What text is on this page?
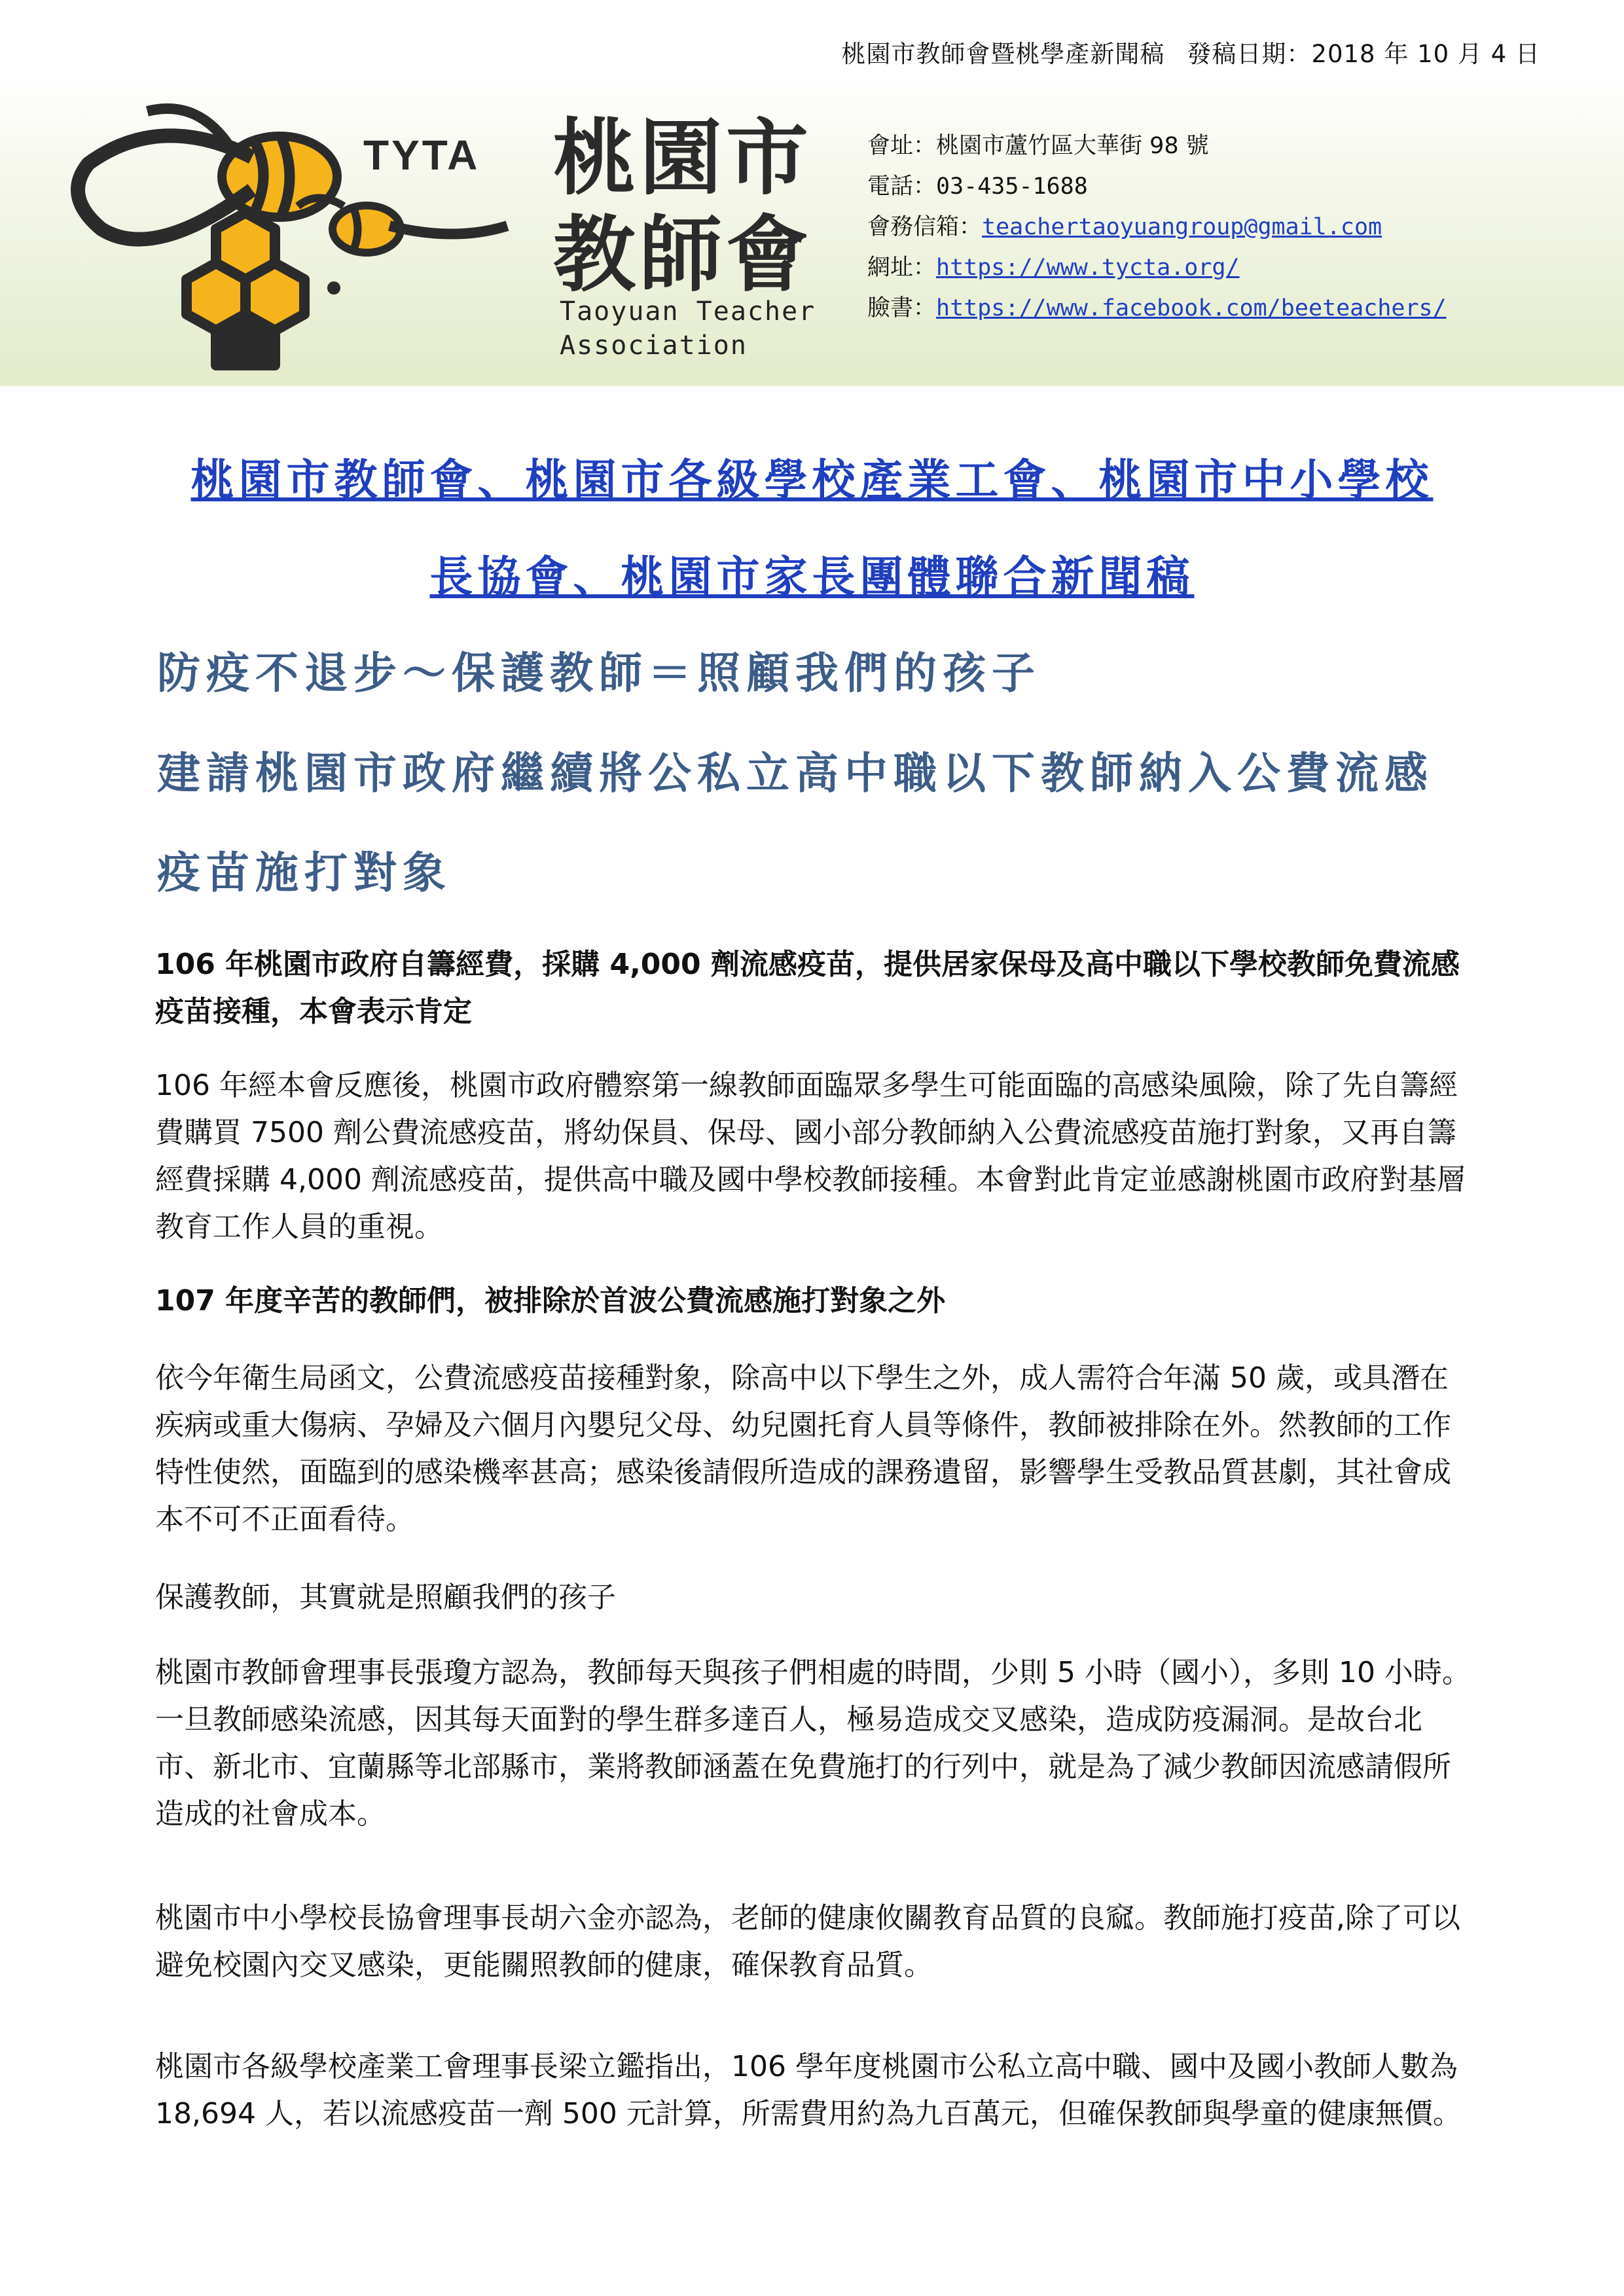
桃園市教師會暨桃學產新聞稿 發稿日期：2018 年 10 月 4 日
TYTA 桃園市
教師會
Taoyuan Teacher
Association
會址：桃園市蘆竹區大華街 98 號
電話：03-435-1688
會務信箱：teachertaoyuangroup@gmail.com
網址：https://www.tycta.org/
臉書：https://www.facebook.com/beeteachers/
桃園市教師會、桃園市各級學校產業工會、桃園市中小學校
長協會、桃園市家長團體聯合新聞稿
防疫不退步～保護教師＝照顧我們的孩子
建請桃園市政府繼續將公私立高中職以下教師納入公費流感
疫苗施打對象

106 年桃園市政府自籌經費，採購 4,000 劑流感疫苗，提供居家保母及高中職以下學校教師免費流感疫苗接種，本會表示肯定

106 年經本會反應後，桃園市政府體察第一線教師面臨眾多學生可能面臨的高感染風險，除了先自籌經費購買 7500 劑公費流感疫苗，將幼保員、保母、國小部分教師納入公費流感疫苗施打對象，又再自籌經費採購 4,000 劑流感疫苗，提供高中職及國中學校教師接種。本會對此肯定並感謝桃園市政府對基層教育工作人員的重視。

107 年度辛苦的教師們，被排除於首波公費流感施打對象之外

依今年衛生局函文，公費流感疫苗接種對象，除高中以下學生之外，成人需符合年滿 50 歲，或具潛在疾病或重大傷病、孕婦及六個月內嬰兒父母、幼兒園托育人員等條件，教師被排除在外。然教師的工作特性使然，面臨到的感染機率甚高；感染後請假所造成的課務遺留，影響學生受教品質甚劇，其社會成本不可不正面看待。

保護教師，其實就是照顧我們的孩子

桃園市教師會理事長張瓊方認為，教師每天與孩子們相處的時間，少則 5 小時（國小），多則 10 小時。一旦教師感染流感，因其每天面對的學生群多達百人，極易造成交叉感染，造成防疫漏洞。是故台北市、新北市、宜蘭縣等北部縣市，業將教師涵蓋在免費施打的行列中，就是為了減少教師因流感請假所造成的社會成本。

桃園市中小學校長協會理事長胡六金亦認為，老師的健康攸關教育品質的良窳。教師施打疫苗,除了可以避免校園內交叉感染，更能關照教師的健康，確保教育品質。

桃園市各級學校產業工會理事長梁立鑑指出，106 學年度桃園市公私立高中職、國中及國小教師人數為 18,694 人，若以流感疫苗一劑 500 元計算，所需費用約為九百萬元，但確保教師與學童的健康無價。
